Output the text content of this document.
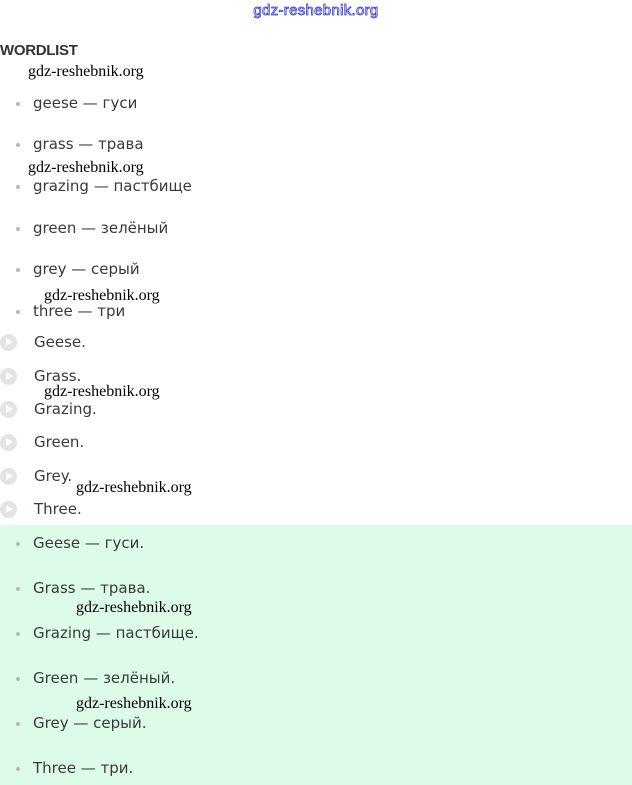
gdz-reshebnik.org
WORDLIST
geese — гуси
grass — трава
grazing — пастбище
green — зелёный
grey — серый
three — три
Geese.
Grass.
Grazing.
Green.
Grey.
Three.
Geese — гуси.
Grass — трава.
Grazing — пастбище.
Green — зелёный.
Grey — серый.
Three — три.
gdz-reshebnik.org
gdz-reshebnik.org
gdz-reshebnik.org
gdz-reshebnik.org
gdz-reshebnik.org
gdz-reshebnik.org
gdz-reshebnik.org
